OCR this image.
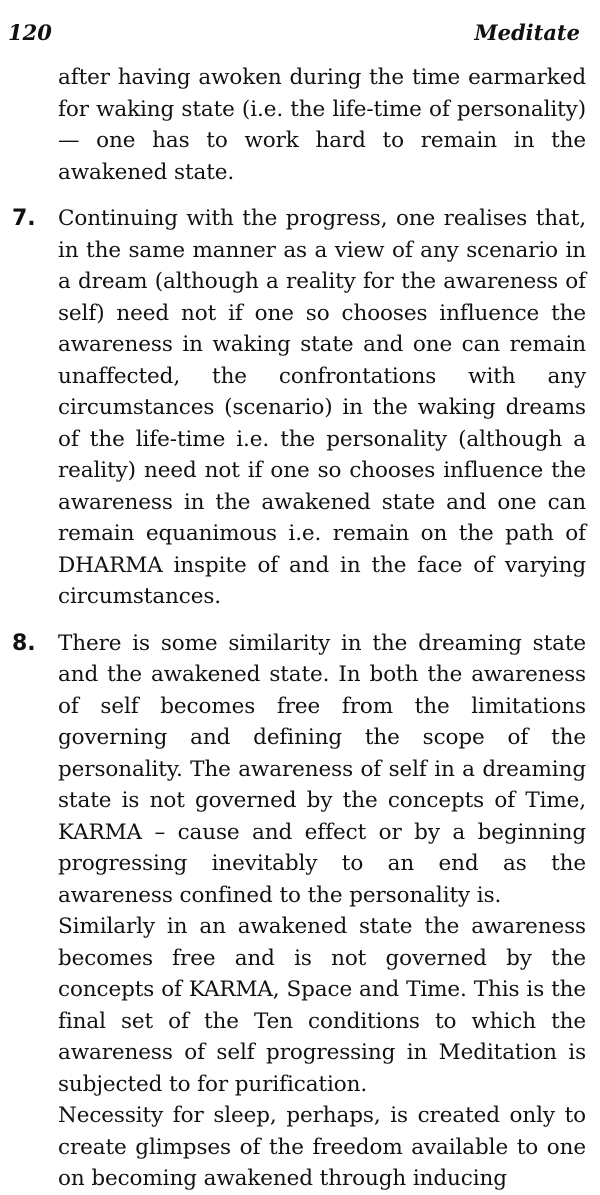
120	Meditate

after having awoken during the time earmarked for waking state (i.e. the life-time of personality) — one has to work hard to remain in the awakened state.

7.	Continuing with the progress, one realises that, in the same manner as a view of any scenario in a dream (although a reality for the awareness of self) need not if one so chooses influence the awareness in waking state and one can remain unaffected, the confrontations with any circumstances (scenario) in the waking dreams of the life-time i.e. the personality (although a reality) need not if one so chooses influence the awareness in the awakened state and one can remain equanimous i.e. remain on the path of DHARMA inspite of and in the face of varying circumstances.

8.	There is some similarity in the dreaming state and the awakened state. In both the awareness of self becomes free from the limitations governing and defining the scope of the personality. The awareness of self in a dreaming state is not governed by the concepts of Time, KARMA – cause and effect or by a beginning progressing inevitably to an end as the awareness confined to the personality is.

Similarly in an awakened state the awareness becomes free and is not governed by the concepts of KARMA, Space and Time. This is the final set of the Ten conditions to which the awareness of self progressing in Meditation is subjected to for purification.

Necessity for sleep, perhaps, is created only to create glimpses of the freedom available to one on becoming awakened through inducing
